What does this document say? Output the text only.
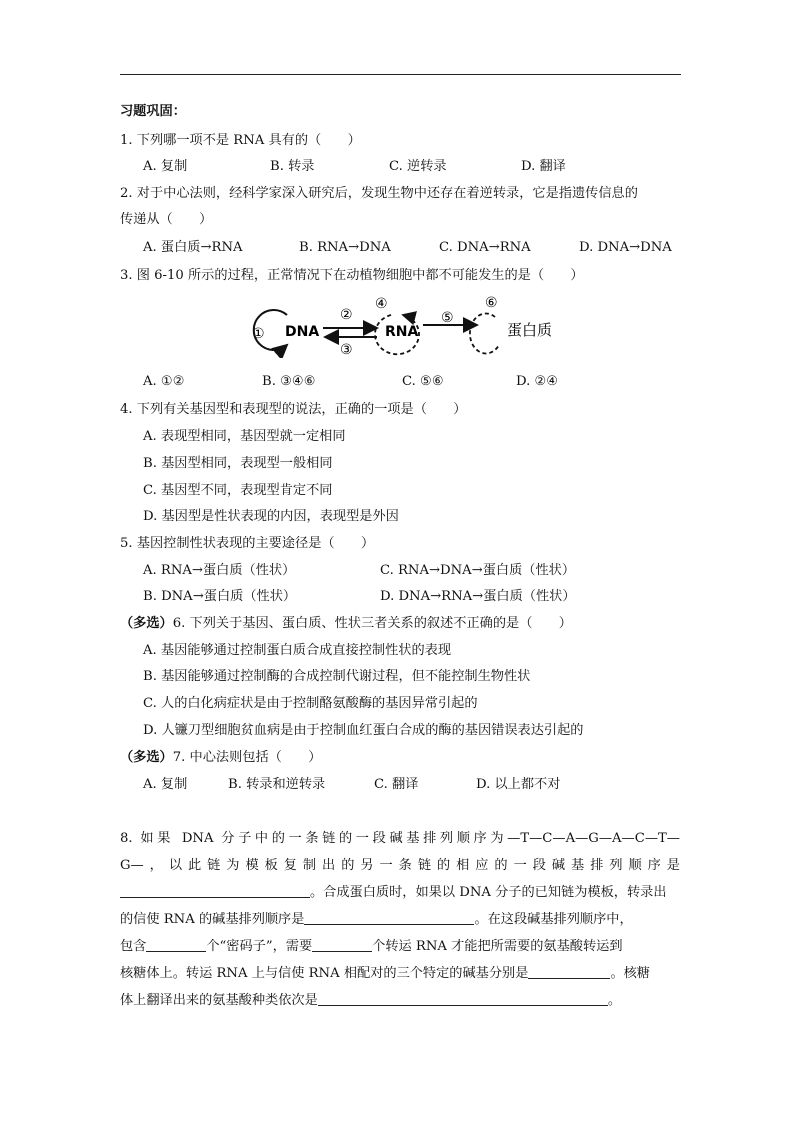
习题巩固：
1. 下列哪一项不是 RNA 具有的（　　）
A. 复制	B. 转录	C. 逆转录	D. 翻译
2. 对于中心法则，经科学家深入研究后，发现生物中还存在着逆转录，它是指遗传信息的
传递从（　　）
A. 蛋白质→RNA	B. RNA→DNA	C. DNA→RNA	D. DNA→DNA
3. 图 6-10 所示的过程，正常情况下在动植物细胞中都不可能发生的是（　　）
① DNA
②
③
④
RNA
⑤
⑥
蛋白质
A. ①②	B. ③④⑥	C. ⑤⑥	D. ②④
4. 下列有关基因型和表现型的说法，正确的一项是（　　）
A. 表现型相同，基因型就一定相同
B. 基因型相同，表现型一般相同
C. 基因型不同，表现型肯定不同
D. 基因型是性状表现的内因，表现型是外因
5. 基因控制性状表现的主要途径是（　　）
A. RNA→蛋白质（性状）	C. RNA→DNA→蛋白质（性状）
B. DNA→蛋白质（性状）	D. DNA→RNA→蛋白质（性状）
（多选）6. 下列关于基因、蛋白质、性状三者关系的叙述不正确的是（　　）
A. 基因能够通过控制蛋白质合成直接控制性状的表现
B. 基因能够通过控制酶的合成控制代谢过程，但不能控制生物性状
C. 人的白化病症状是由于控制酪氨酸酶的基因异常引起的
D. 人镰刀型细胞贫血病是由于控制血红蛋白合成的酶的基因错误表达引起的
（多选）7. 中心法则包括（　　）
A. 复制	B. 转录和逆转录	C. 翻译	D. 以上都不对
8. 如果 DNA 分子中的一条链的一段碱基排列顺序为—T—C—A—G—A—C—T—
G—，以此链为模板复制出的另一条链的相应的一段碱基排列顺序是
。合成蛋白质时，如果以 DNA 分子的已知链为模板，转录出
的信使 RNA 的碱基排列顺序是	。在这段碱基排列顺序中，
包含	个“密码子”，需要	个转运 RNA 才能把所需要的氨基酸转运到
核糖体上。转运 RNA 上与信使 RNA 相配对的三个特定的碱基分别是	。核糖
体上翻译出来的氨基酸种类依次是	。
